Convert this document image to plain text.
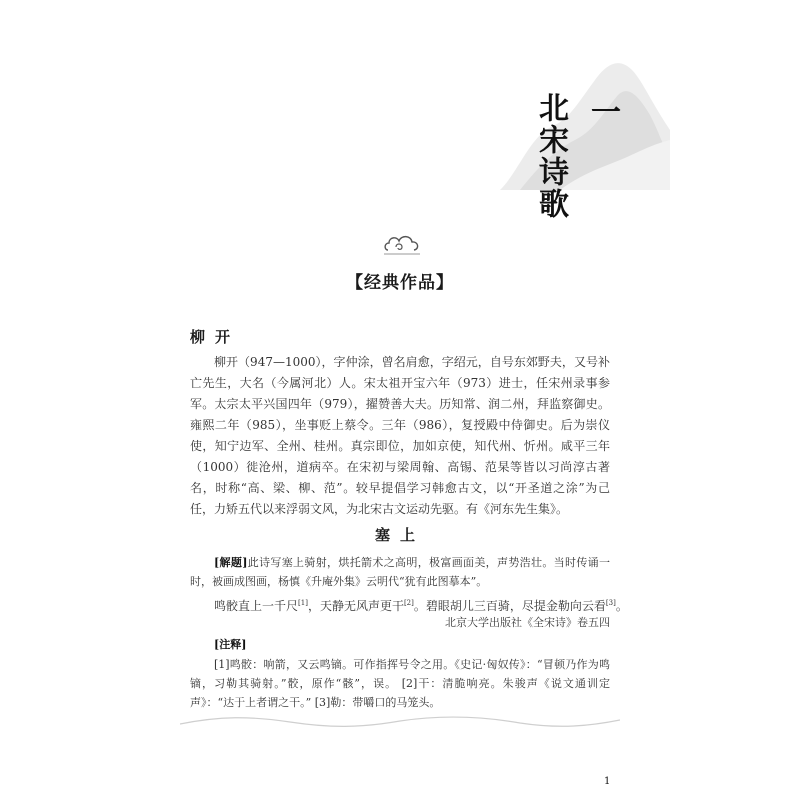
北宋诗歌 一
【经典作品】
柳开
柳开（947—1000），字仲涂，曾名肩愈，字绍元，自号东郊野夫，又号补亡先生，大名（今属河北）人。宋太祖开宝六年（973）进士，任宋州录事参军。太宗太平兴国四年（979），擢赞善大夫。历知常、润二州，拜监察御史。雍熙二年（985），坐事贬上蔡令。三年（986），复授殿中侍御史。后为崇仪使，知宁边军、全州、桂州。真宗即位，加如京使，知代州、忻州。咸平三年（1000）徙沧州，道病卒。在宋初与梁周翰、高锡、范杲等皆以习尚淳古著名，时称“高、梁、柳、范”。较早提倡学习韩愈古文，以“开圣道之涂”为己任，力矫五代以来浮弱文风，为北宋古文运动先驱。有《河东先生集》。
塞上
[解题]此诗写塞上骑射，烘托箭术之高明，极富画面美，声势浩壮。当时传诵一时，被画成图画，杨慎《升庵外集》云明代“犹有此图摹本”。
鸣骹直上一千尺[1]，天静无风声更干[2]。碧眼胡儿三百骑，尽提金勒向云看[3]。
北京大学出版社《全宋诗》卷五四
[注释]
[1]鸣骹：响箭，又云鸣镝。可作指挥号令之用。《史记·匈奴传》：“冒顿乃作为鸣镝，习勒其骑射。”骹，原作“骸”，误。 [2]干：清脆响亮。朱骏声《说文通训定声》：“达于上者谓之干。” [3]勒：带嚼口的马笼头。
1
